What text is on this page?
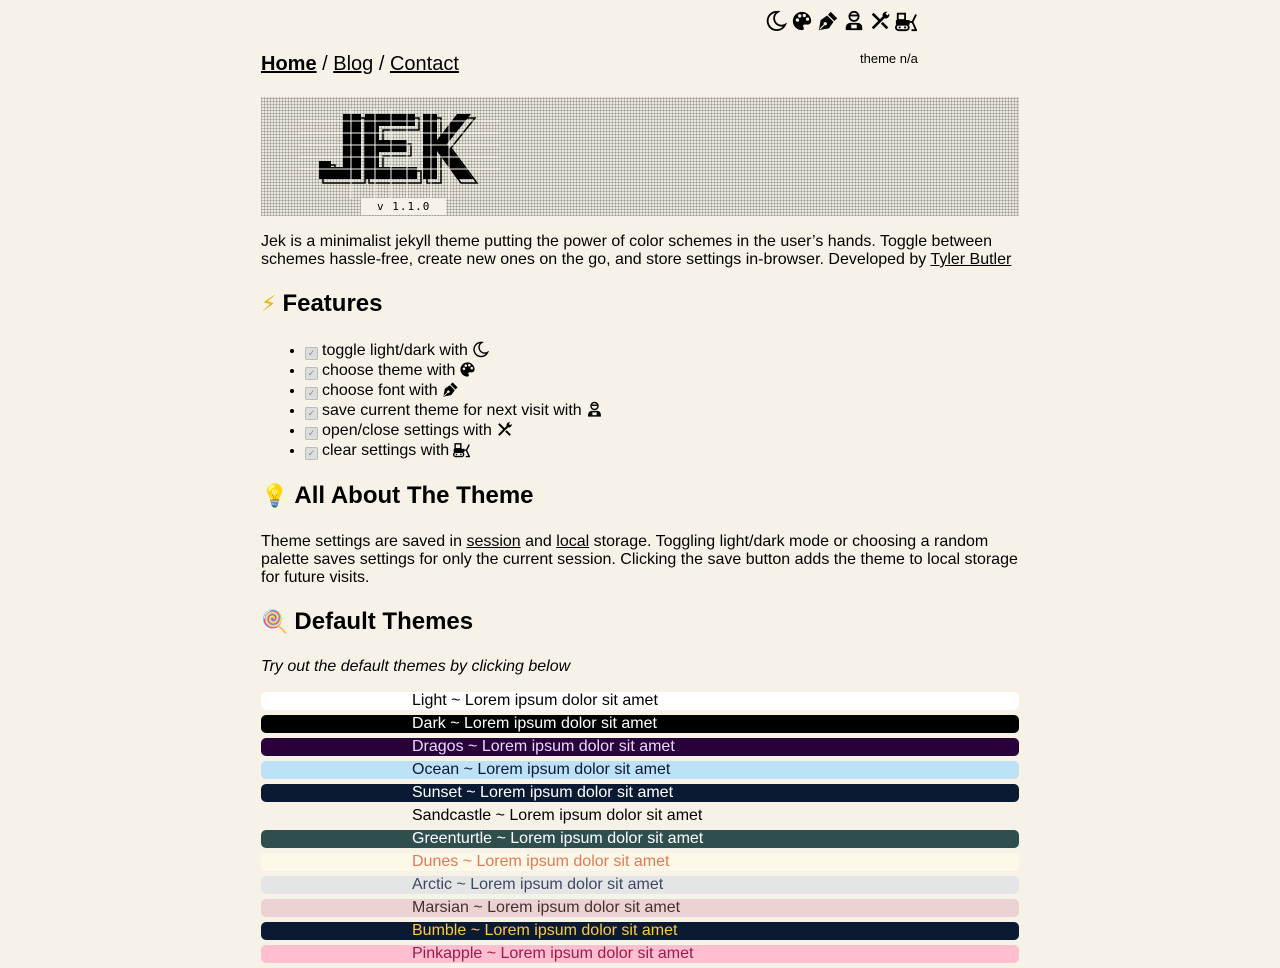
theme n/a
Home / Blog / Contact
v 1.1.0

Jek is a minimalist jekyll theme putting the power of color schemes in the user’s hands. Toggle between schemes hassle-free, create new ones on the go, and store settings in-browser. Developed by Tyler Butler

⚡ Features
• ✓ toggle light/dark with
• ✓ choose theme with
• ✓ choose font with
• ✓ save current theme for next visit with
• ✓ open/close settings with
• ✓ clear settings with
💡 All About The Theme

Theme settings are saved in session and local storage. Toggling light/dark mode or choosing a random palette saves settings for only the current session. Clicking the save button adds the theme to local storage for future visits.

🍭 Default Themes
Try out the default themes by clicking below
Light ~ Lorem ipsum dolor sit amet
Dark ~ Lorem ipsum dolor sit amet
Dragos ~ Lorem ipsum dolor sit amet
Ocean ~ Lorem ipsum dolor sit amet
Sunset ~ Lorem ipsum dolor sit amet
Sandcastle ~ Lorem ipsum dolor sit amet
Greenturtle ~ Lorem ipsum dolor sit amet
Dunes ~ Lorem ipsum dolor sit amet
Arctic ~ Lorem ipsum dolor sit amet
Marsian ~ Lorem ipsum dolor sit amet
Bumble ~ Lorem ipsum dolor sit amet
Pinkapple ~ Lorem ipsum dolor sit amet
